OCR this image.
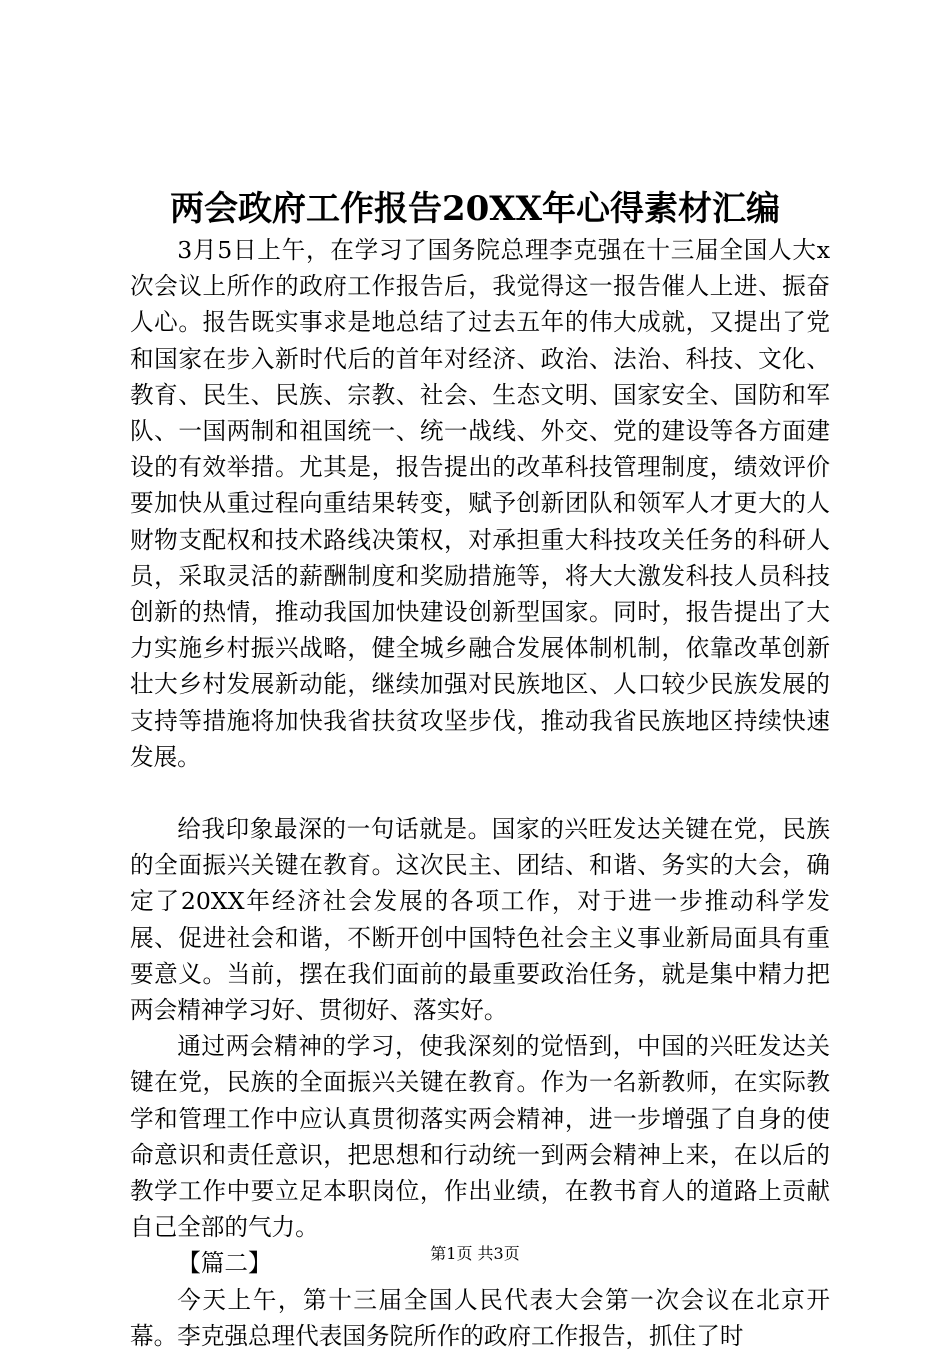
两会政府工作报告20XX年心得素材汇编

3月5日上午，在学习了国务院总理李克强在十三届全国人大x次会议上所作的政府工作报告后，我觉得这一报告催人上进、振奋人心。报告既实事求是地总结了过去五年的伟大成就，又提出了党和国家在步入新时代后的首年对经济、政治、法治、科技、文化、教育、民生、民族、宗教、社会、生态文明、国家安全、国防和军队、一国两制和祖国统一、统一战线、外交、党的建设等各方面建设的有效举措。尤其是，报告提出的改革科技管理制度，绩效评价要加快从重过程向重结果转变，赋予创新团队和领军人才更大的人财物支配权和技术路线决策权，对承担重大科技攻关任务的科研人员，采取灵活的薪酬制度和奖励措施等，将大大激发科技人员科技创新的热情，推动我国加快建设创新型国家。同时，报告提出了大力实施乡村振兴战略，健全城乡融合发展体制机制，依靠改革创新壮大乡村发展新动能，继续加强对民族地区、人口较少民族发展的支持等措施将加快我省扶贫攻坚步伐，推动我省民族地区持续快速发展。

给我印象最深的一句话就是。国家的兴旺发达关键在党，民族的全面振兴关键在教育。这次民主、团结、和谐、务实的大会，确定了20XX年经济社会发展的各项工作，对于进一步推动科学发展、促进社会和谐，不断开创中国特色社会主义事业新局面具有重要意义。当前，摆在我们面前的最重要政治任务，就是集中精力把两会精神学习好、贯彻好、落实好。

通过两会精神的学习，使我深刻的觉悟到，中国的兴旺发达关键在党，民族的全面振兴关键在教育。作为一名新教师，在实际教学和管理工作中应认真贯彻落实两会精神，进一步增强了自身的使命意识和责任意识，把思想和行动统一到两会精神上来，在以后的教学工作中要立足本职岗位，作出业绩，在教书育人的道路上贡献自己全部的气力。

【篇二】

今天上午，第十三届全国人民代表大会第一次会议在北京开幕。李克强总理代表国务院所作的政府工作报告，抓住了时

第1页 共3页
